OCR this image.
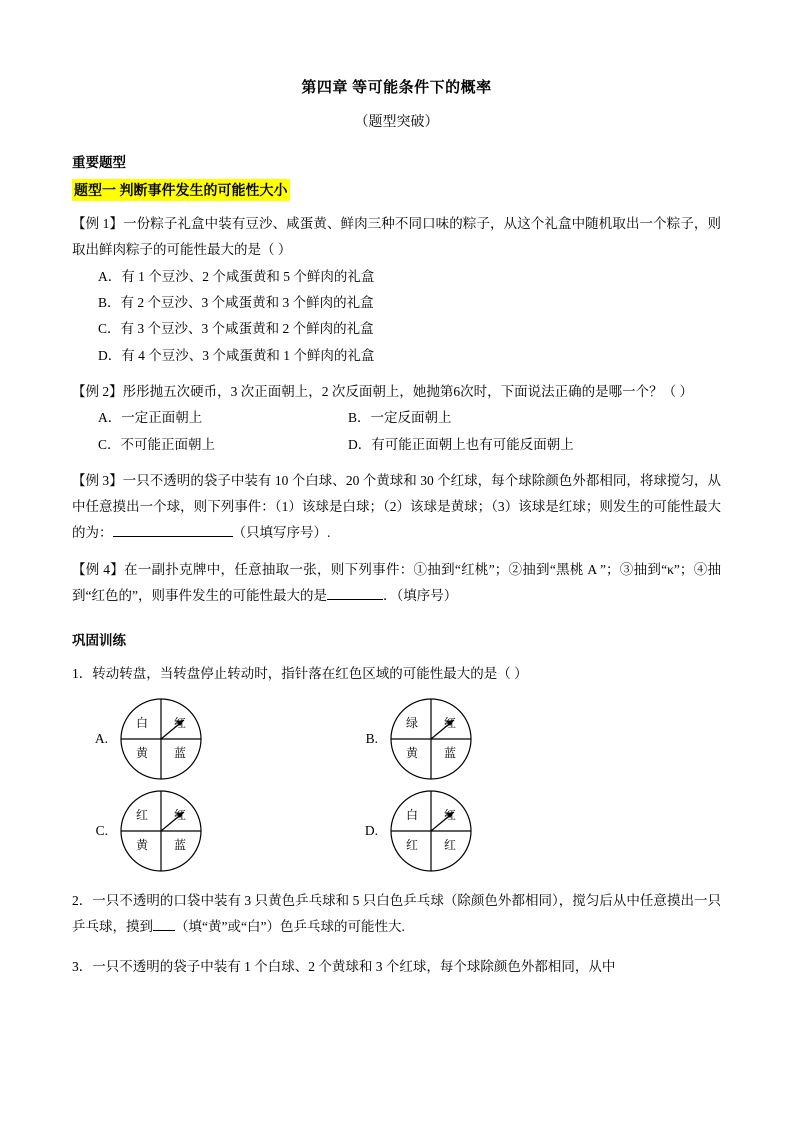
第四章 等可能条件下的概率
（题型突破）
重要题型
题型一 判断事件发生的可能性大小
【例 1】一份粽子礼盒中装有豆沙、咸蛋黄、鲜肉三种不同口味的粽子，从这个礼盒中随机取出一个粽子，则取出鲜肉粽子的可能性最大的是（ ）
A．有 1 个豆沙、2 个咸蛋黄和 5 个鲜肉的礼盒
B．有 2 个豆沙、3 个咸蛋黄和 3 个鲜肉的礼盒
C．有 3 个豆沙、3 个咸蛋黄和 2 个鲜肉的礼盒
D．有 4 个豆沙、3 个咸蛋黄和 1 个鲜肉的礼盒
【例 2】彤彤抛五次硬币，3 次正面朝上，2 次反面朝上，她抛第6次时，下面说法正确的是哪一个？（ ）
A．一定正面朝上	B．一定反面朝上
C．不可能正面朝上	D．有可能正面朝上也有可能反面朝上
【例 3】一只不透明的袋子中装有 10 个白球、20 个黄球和 30 个红球，每个球除颜色外都相同，将球搅匀，从中任意摸出一个球，则下列事件：（1）该球是白球；（2）该球是黄球；（3）该球是红球；则发生的可能性最大的为：	（只填写序号）.
【例 4】在一副扑克牌中，任意抽取一张，则下列事件：①抽到“红桃”；②抽到“黑桃 A ”；③抽到“κ”；④抽到“红色的”，则事件发生的可能性最大的是	．（填序号）
巩固训练
1．转动转盘，当转盘停止转动时，指针落在红色区域的可能性最大的是（ ）
A.
白	红
黄	蓝
B.
绿	红
黄	蓝
C.
红	红
黄	蓝
D.
白	红
红	红
2．一只不透明的口袋中装有 3 只黄色乒乓球和 5 只白色乒乓球（除颜色外都相同），搅匀后从中任意摸出一只乒乓球，摸到 （填“黄”或“白”）色乒乓球的可能性大.
3．一只不透明的袋子中装有 1 个白球、2 个黄球和 3 个红球，每个球除颜色外都相同，从中
